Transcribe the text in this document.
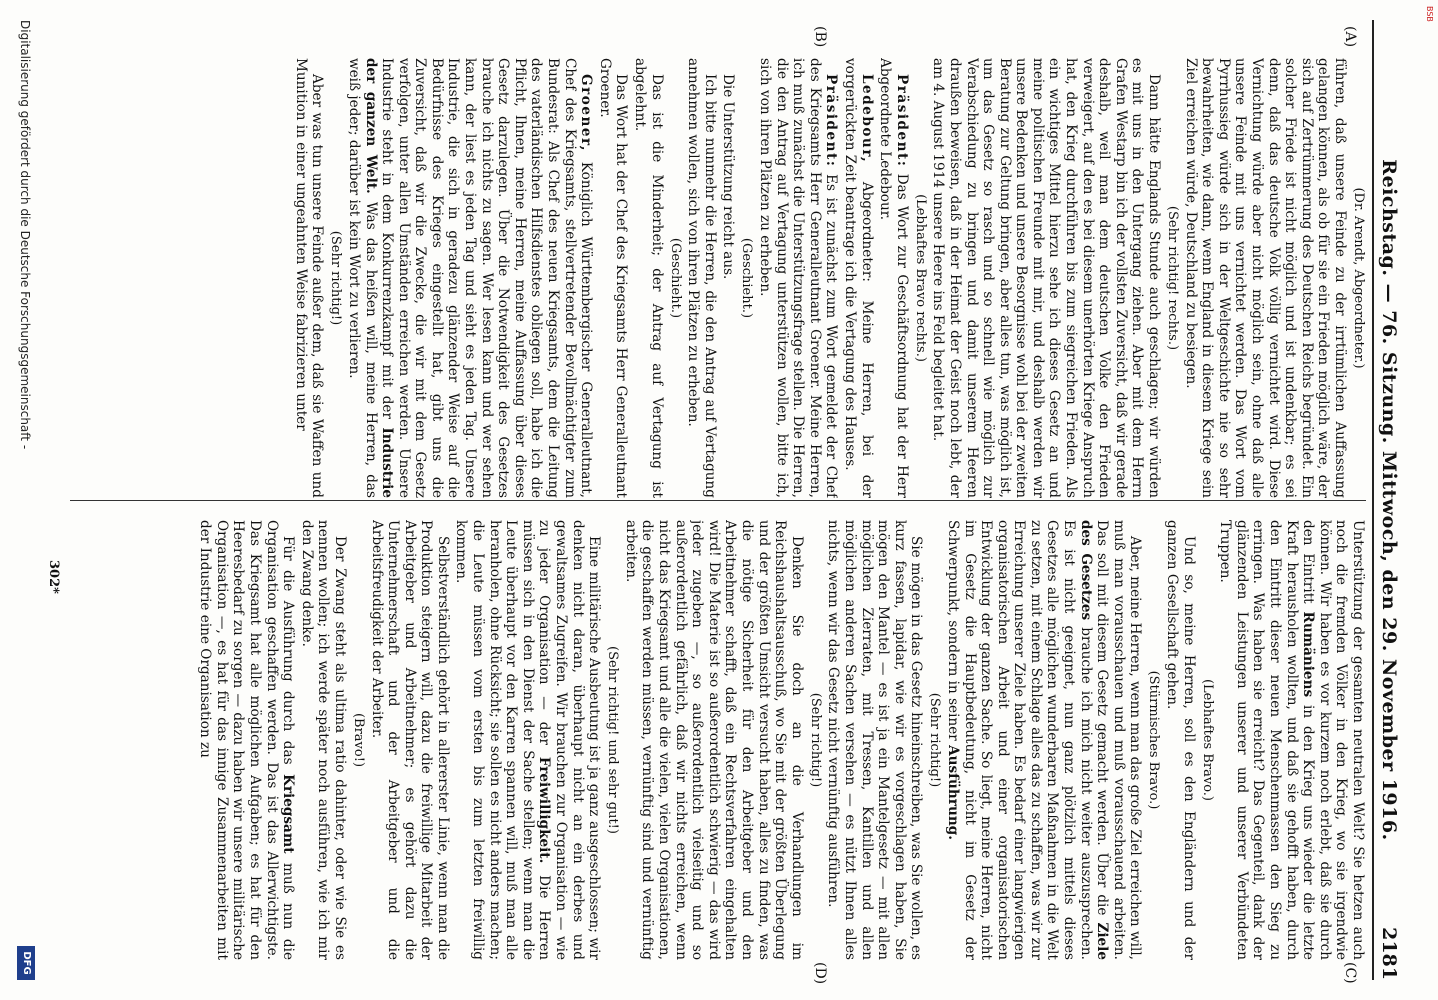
BSB
Reichstag. — 76. Sitzung. Mittwoch, den 29. November 1916.
2181
(A)
(B)
(C)
(D)

(Dr. Arendt, Abgeordneter.)

führen, daß unsere Feinde zu der irrtümlichen Auffassung gelangen können, als ob für sie ein Frieden möglich wäre, der sich auf Zertrümmerung des Deutschen Reichs begründet. Ein solcher Friede ist nicht möglich und ist undenkbar; es sei denn, daß das deutsche Volk völlig vernichtet wird. Diese Vernichtung würde aber nicht möglich sein, ohne daß alle unsere Feinde mit uns vernichtet werden. Das Wort vom Pyrrhussieg würde sich in der Weltgeschichte nie so sehr bewahrheiten, wie dann, wenn England in diesem Kriege sein Ziel erreichen würde, Deutschland zu besiegen.

(Sehr richtig! rechts.)

Dann hätte Englands Stunde auch geschlagen; wir würden es mit uns in den Untergang ziehen. Aber mit dem Herrn Grafen Westarp bin ich der vollsten Zuversicht, daß wir gerade deshalb, weil man dem deutschen Volke den Frieden verweigert, auf den es bei diesem unerhörten Kriege Anspruch hat, den Krieg durchführen bis zum siegreichen Frieden. Als ein wichtiges Mittel hierzu sehe ich dieses Gesetz an und meine politischen Freunde mit mir, und deshalb werden wir unsere Bedenken und unsere Besorgnisse wohl bei der zweiten Beratung zur Geltung bringen, aber alles tun, was möglich ist, um das Gesetz so rasch und so schnell wie möglich zur Verabschiedung zu bringen und damit unserem Heeren draußen beweisen, daß in der Heimat der Geist noch lebt, der am 4. August 1914 unsere Heere ins Feld begleitet hat.

(Lebhaftes Bravo rechts.)

Präsident: Das Wort zur Geschäftsordnung hat der Herr Abgeordnete Ledebour.

Ledebour, Abgeordneter: Meine Herren, bei der vorgerückten Zeit beantrage ich die Vertagung des Hauses.

Präsident: Es ist zunächst zum Wort gemeldet der Chef des Kriegsamts Herr Generalleutnant Groener. Meine Herren, ich muß zunächst die Unterstützungsfrage stellen. Die Herren, die den Antrag auf Vertagung unterstützen wollen, bitte ich, sich von ihren Plätzen zu erheben.

(Geschieht.)

Die Unterstützung reicht aus.

Ich bitte nunmehr die Herren, die den Antrag auf Vertagung annehmen wollen, sich von ihren Plätzen zu erheben.

(Geschieht.)

Das ist die Minderheit; der Antrag auf Vertagung ist abgelehnt.

Das Wort hat der Chef des Kriegsamts Herr Generalleutnant Groener.

Groener, Königlich Württembergischer Generalleutnant, Chef des Kriegsamts, stellvertretender Bevollmächtigter zum Bundesrat: Als Chef des neuen Kriegsamts, dem die Leitung des vaterländischen Hilfsdienstes obliegen soll, habe ich die Pflicht, Ihnen, meine Herren, meine Auffassung über dieses Gesetz darzulegen. Über die Notwendigkeit des Gesetzes brauche ich nichts zu sagen. Wer lesen kann und wer sehen kann, der liest es jeden Tag und sieht es jeden Tag. Unsere Industrie, die sich in geradezu glänzender Weise auf die Bedürfnisse des Krieges eingestellt hat, gibt uns die Zuversicht, daß wir die Zwecke, die wir mit dem Gesetz verfolgen, unter allen Umständen erreichen werden. Unsere Industrie steht in dem Konkurrenzkampf mit der Industrie der ganzen Welt. Was das heißen will, meine Herren, das weiß jeder; darüber ist kein Wort zu verlieren.

(Sehr richtig!)

Aber was tun unsere Feinde außer dem, daß sie Waffen und Munition in einer ungeahnten Weise fabrizieren unter

Unterstützung der gesamten neutralen Welt? Sie hetzen auch noch die fremden Völker in den Krieg, wo sie irgendwie können. Wir haben es vor kurzem noch erlebt, daß sie durch den Eintritt Rumäniens in den Krieg uns wieder die letzte Kraft herausholen wollten, und daß sie gehofft haben, durch den Eintritt dieser neuen Menschenmassen den Sieg zu erringen. Was haben sie erreicht? Das Gegenteil, dank der glänzenden Leistungen unserer und unserer Verbündeten Truppen.

(Lebhaftes Bravo.)

Und so, meine Herren, soll es den Engländern und der ganzen Gesellschaft gehen.

(Stürmisches Bravo.)

Aber, meine Herren, wenn man das große Ziel erreichen will, muß man vorausschauen und muß vorausschauend arbeiten. Das soll mit diesem Gesetz gemacht werden. Über die Ziele des Gesetzes brauche ich mich nicht weiter auszusprechen. Es ist nicht geeignet, nun ganz plötzlich mittels dieses Gesetzes alle möglichen wunderbaren Maßnahmen in die Welt zu setzen, mit einem Schlage alles das zu schaffen, was wir zur Erreichung unserer Ziele haben. Es bedarf einer langwierigen organisatorischen Arbeit und einer organisatorischen Entwicklung der ganzen Sache. So liegt, meine Herren, nicht im Gesetz die Hauptbedeutung, nicht im Gesetz der Schwerpunkt, sondern in seiner Ausführung.

(Sehr richtig!)

Sie mögen in das Gesetz hineinschreiben, was Sie wollen, es kurz fassen, lapidar, wie wir es vorgeschlagen haben, Sie mögen den Mantel — es ist ja ein Mantelgesetz — mit allen möglichen Zierraten, mit Tressen, Kantillen und allen möglichen anderen Sachen versehen — es nützt Ihnen alles nichts, wenn wir das Gesetz nicht vernünftig ausführen.

(Sehr richtig!)

Denken Sie doch an die Verhandlungen im Reichshaushaltsausschuß, wo Sie mit der größten Überlegung und der größten Umsicht versucht haben, alles zu finden, was die nötige Sicherheit für den Arbeitgeber und den Arbeitnehmer schafft, daß ein Rechtsverfahren eingehalten wird! Die Materie ist so außerordentlich schwierig — das wird jeder zugeben —, so außerordentlich vielseitig und so außerordentlich gefährlich, daß wir nichts erreichen, wenn nicht das Kriegsamt und alle die vielen, vielen Organisationen, die geschaffen werden müssen, vernünftig sind und vernünftig arbeiten.

(Sehr richtig! und sehr gut!)

Eine militärische Ausbeutung ist ja ganz ausgeschlossen; wir denken nicht daran, überhaupt nicht an ein derbes und gewaltsames Zugreifen. Wir brauchen zur Organisation — wie zu jeder Organisation — der Freiwilligkeit. Die Herren müssen sich in den Dienst der Sache stellen; wenn man die Leute überhaupt vor den Karren spannen will, muß man alle heranholen, ohne Rücksicht; sie sollen es nicht anders machen; die Leute müssen vom ersten bis zum letzten freiwillig kommen.

Selbstverständlich gehört in allererster Linie, wenn man die Produktion steigern will, dazu die freiwillige Mitarbeit der Arbeitgeber und Arbeitnehmer; es gehört dazu die Unternehmerschaft und der Arbeitgeber und die Arbeitsfreudigkeit der Arbeiter.

(Bravo!)

Der Zwang steht als ultima ratio dahinter, oder wie Sie es nennen wollen; ich werde später noch ausführen, wie ich mir den Zwang denke.

Für die Ausführung durch das Kriegsamt muß nun die Organisation geschaffen werden. Das ist das Allerwichtigste. Das Kriegsamt hat alle möglichen Aufgaben; es hat für den Heeresbedarf zu sorgen — dazu haben wir unsere militärische Organisation —, es hat für das innige Zusammenarbeiten mit der Industrie eine Organisation zu

302*
Digitalisierung gefördert durch die Deutsche Forschungsgemeinschaft -
DFG
